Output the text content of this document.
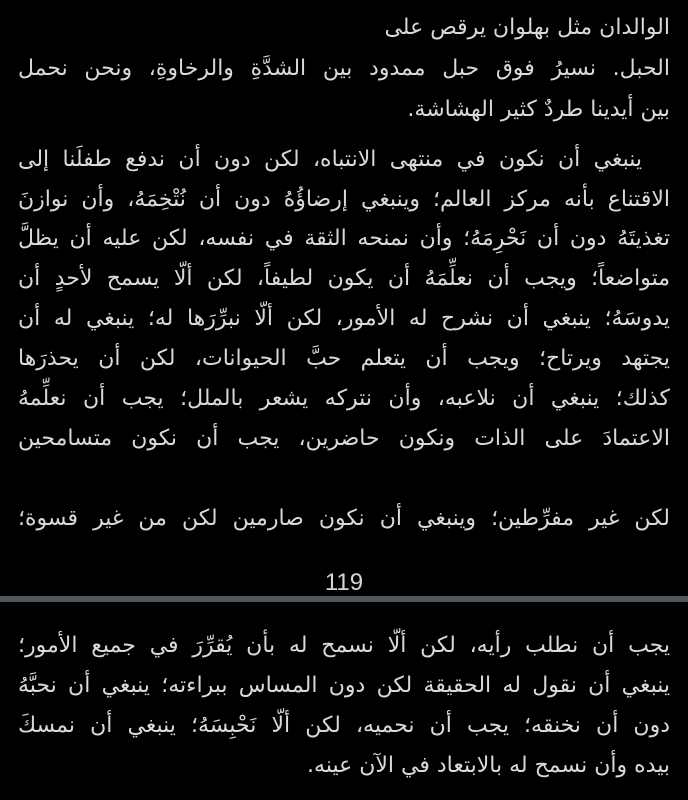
الوالدان مثل بهلوان يرقص على
الحبل. نسيرُ فوق حبل ممدود بين الشدَّةِ والرخاوةِ، ونحن نحمل
بين أيدينا طردٌ كثير الهشاشة.
ينبغي أن نكون في منتهى الانتباه، لكن دون أن ندفع طفلَنا إلى
الاقتناع بأنه مركز العالم؛ وينبغي إرضاؤُهُ دون أن نُتْخِمَهُ، وأن نوازنَ
تغذيتَهُ دون أن نَحْرِمَهُ؛ وأن نمنحه الثقة في نفسه، لكن عليه أن يظلَّ
متواضعاً؛ ويجب أن نعلِّمَهُ أن يكون لطيفاً، لكن ألّا يسمح لأحدٍ أن
يدوسَهُ؛ ينبغي أن نشرح له الأمور، لكن ألّا نبرِّرَها له؛ ينبغي له أن
يجتهد ويرتاح؛ ويجب أن يتعلم حبَّ الحيوانات، لكن أن يحذرَها
كذلك؛ ينبغي أن نلاعبه، وأن نتركه يشعر بالملل؛ يجب أن نعلِّمهُ
الاعتمادَ على الذات ونكون حاضرين، يجب أن نكون متسامحين
لكن غير مفرِّطين؛ وينبغي أن نكون صارمين لكن من غير قسوة؛
119
يجب أن نطلب رأيه، لكن ألّا نسمح له بأن يُقرِّرَ في جميع الأمور؛
ينبغي أن نقول له الحقيقة لكن دون المساس ببراءته؛ ينبغي أن نحبَّهُ
دون أن نخنقه؛ يجب أن نحميه، لكن ألّا نَحْبِسَهُ؛ ينبغي أن نمسكَ
بيده وأن نسمح له بالابتعاد في الآن عينه.
